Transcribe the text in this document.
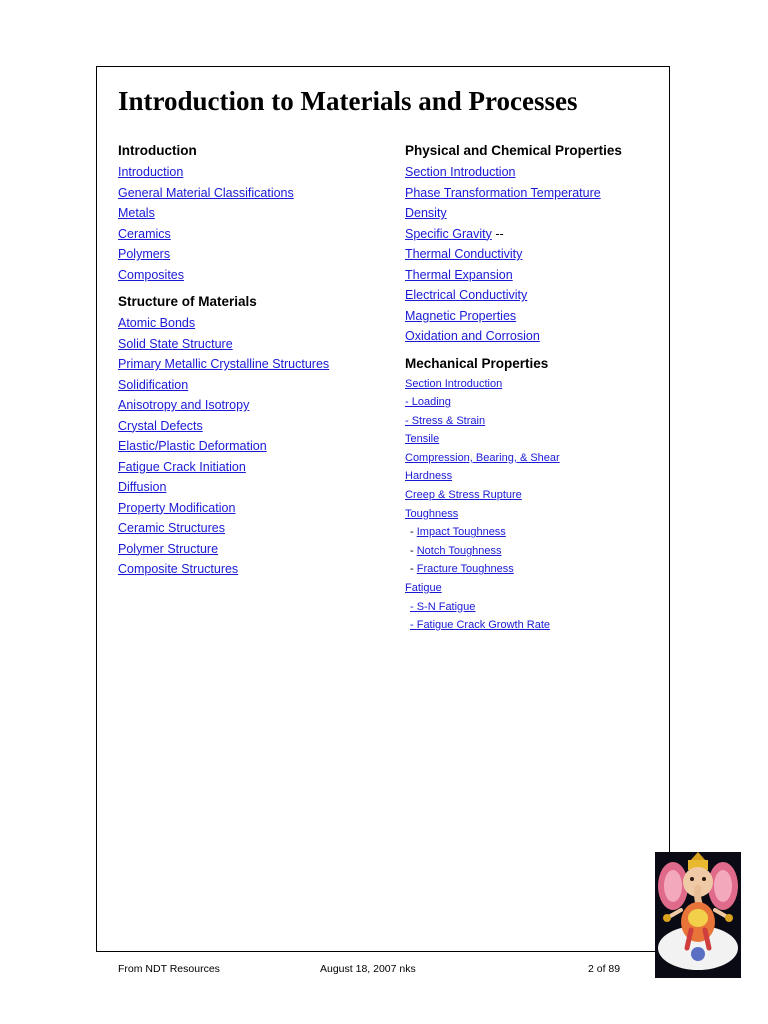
Introduction to Materials and Processes
Introduction
Introduction
General Material Classifications
Metals
Ceramics
Polymers
Composites
Structure of Materials
Atomic Bonds
Solid State Structure
Primary Metallic Crystalline Structures
Solidification
Anisotropy and Isotropy
Crystal Defects
Elastic/Plastic Deformation
Fatigue Crack Initiation
Diffusion
Property Modification
Ceramic Structures
Polymer Structure
Composite Structures
Physical and Chemical Properties
Section Introduction
Phase Transformation Temperature
Density
Specific Gravity --
Thermal Conductivity
Thermal Expansion
Electrical Conductivity
Magnetic Properties
Oxidation and Corrosion
Mechanical Properties
Section Introduction
- Loading
- Stress & Strain
Tensile
Compression, Bearing, & Shear
Hardness
Creep & Stress Rupture
Toughness
- Impact Toughness
- Notch Toughness
- Fracture Toughness
Fatigue
- S-N Fatigue
- Fatigue Crack Growth Rate
From NDT Resources	August 18, 2007 nks	2 of 89
